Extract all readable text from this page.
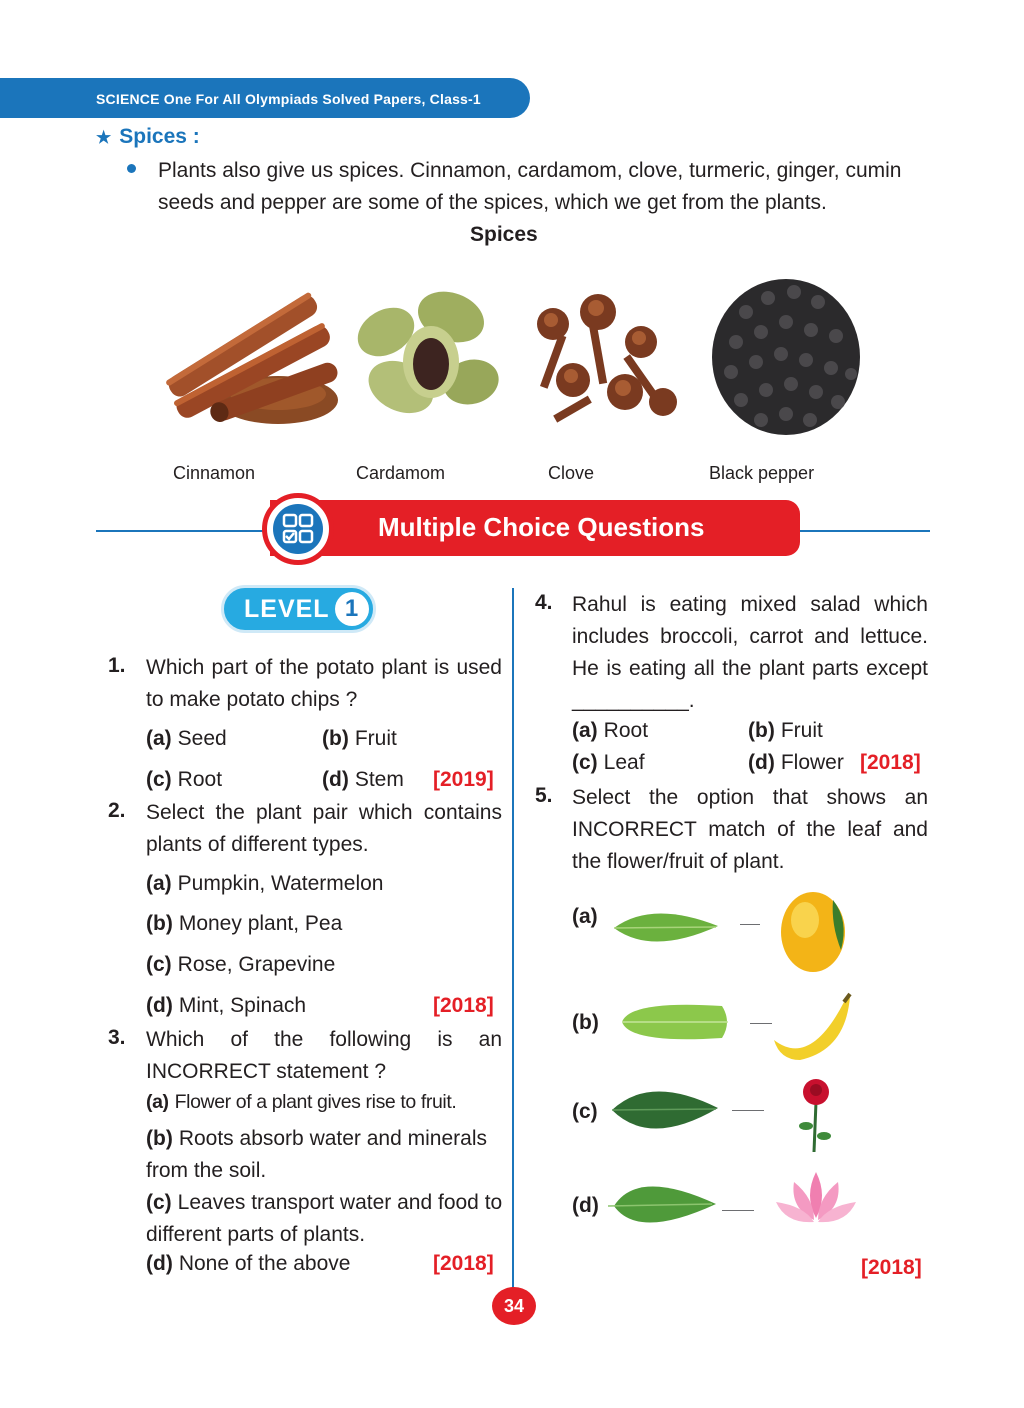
SCIENCE One For All Olympiads Solved Papers, Class-1
★ Spices :
Plants also give us spices. Cinnamon, cardamom, clove, turmeric, ginger, cumin seeds and pepper are some of the spices, which we get from the plants.
Spices
Cinnamon	Cardamom	Clove	Black pepper
Multiple Choice Questions
LEVEL 1
1. Which part of the potato plant is used to make potato chips ?
(a) Seed	(b) Fruit
(c) Root	(d) Stem [2019]
2. Select the plant pair which contains plants of different types.
(a) Pumpkin, Watermelon
(b) Money plant, Pea
(c) Rose, Grapevine
(d) Mint, Spinach	[2018]
3. Which of the following is an INCORRECT statement ?
(a) Flower of a plant gives rise to fruit.
(b) Roots absorb water and minerals from the soil.
(c) Leaves transport water and food to different parts of plants.
(d) None of the above	[2018]
4. Rahul is eating mixed salad which includes broccoli, carrot and lettuce. He is eating all the plant parts except __________.
(a) Root	(b) Fruit
(c) Leaf	(d) Flower [2018]
5. Select the option that shows an INCORRECT match of the leaf and the flower/fruit of plant.
(a)
(b)
(c)
(d)
[2018]
34
